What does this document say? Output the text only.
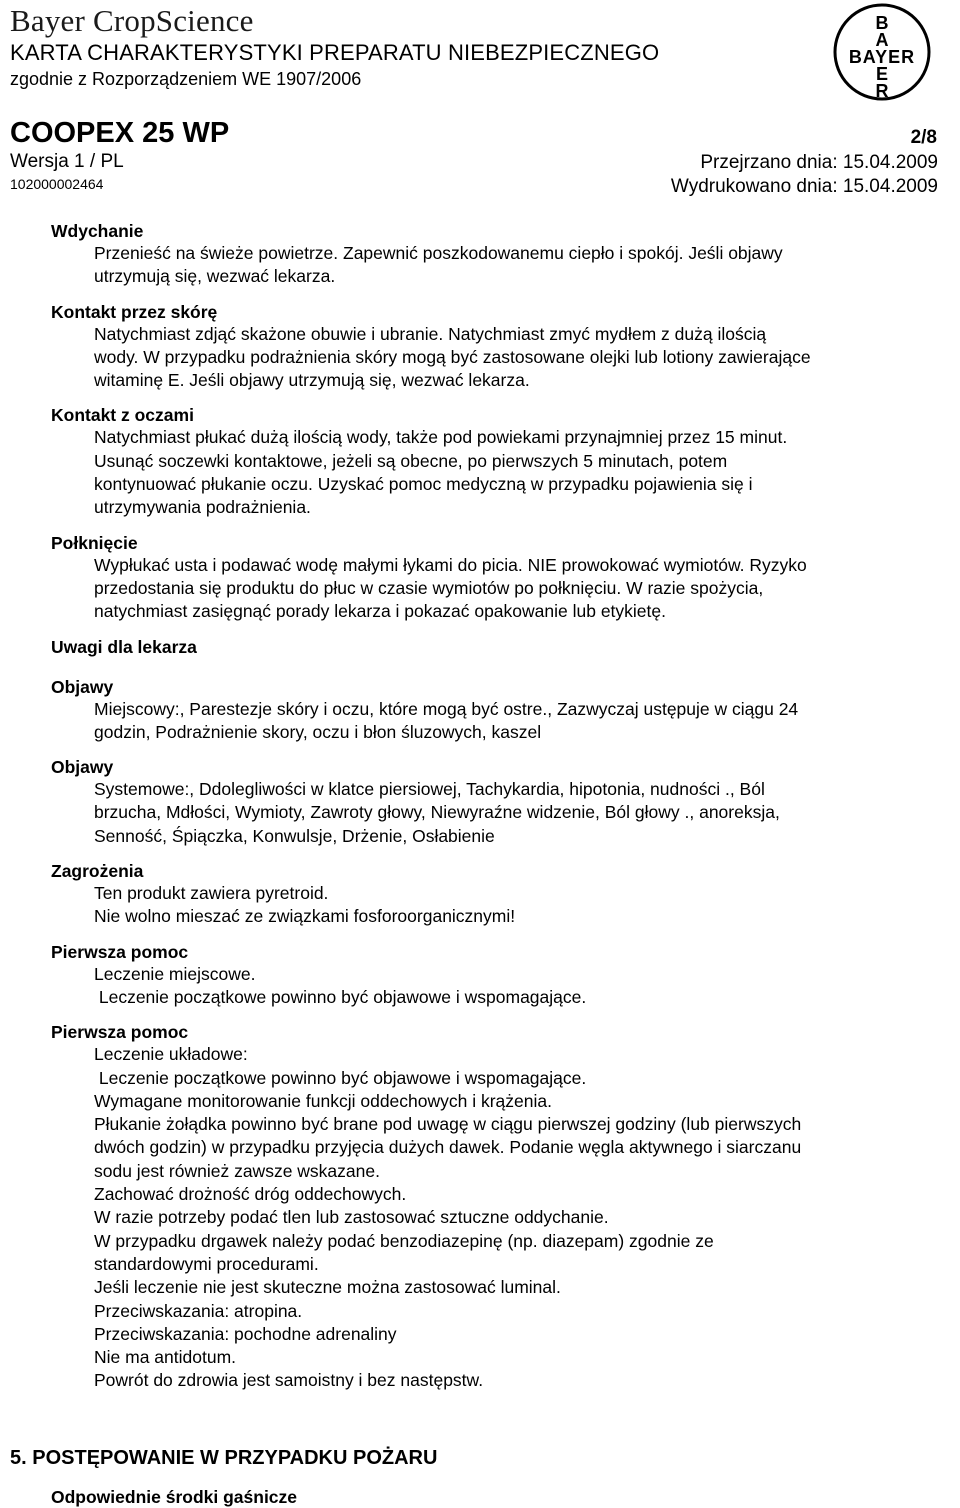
Bayer CropScience
KARTA CHARAKTERYSTYKI PREPARATU NIEBEZPIECZNEGO
zgodnie z Rozporządzeniem WE 1907/2006
COOPEX 25 WP	2/8
Wersja 1 / PL
102000002464
Przejrzano dnia: 15.04.2009
Wydrukowano dnia: 15.04.2009
B
A
BAYER
E
R
Wdychanie
Przenieść na świeże powietrze. Zapewnić poszkodowanemu ciepło i spokój. Jeśli objawy
utrzymują się, wezwać lekarza.
Kontakt przez skórę
Natychmiast zdjąć skażone obuwie i ubranie. Natychmiast zmyć mydłem z dużą ilością
wody. W przypadku podrażnienia skóry mogą być zastosowane olejki lub lotiony zawierające
witaminę E. Jeśli objawy utrzymują się, wezwać lekarza.
Kontakt z oczami
Natychmiast płukać dużą ilością wody, także pod powiekami przynajmniej przez 15 minut.
Usunąć soczewki kontaktowe, jeżeli są obecne, po pierwszych 5 minutach, potem
kontynuować płukanie oczu. Uzyskać pomoc medyczną w przypadku pojawienia się i
utrzymywania podrażnienia.
Połknięcie
Wypłukać usta i podawać wodę małymi łykami do picia. NIE prowokować wymiotów. Ryzyko
przedostania się produktu do płuc w czasie wymiotów po połknięciu. W razie spożycia,
natychmiast zasięgnąć porady lekarza i pokazać opakowanie lub etykietę.
Uwagi dla lekarza
Objawy
Miejscowy:, Parestezje skóry i oczu, które mogą być ostre., Zazwyczaj ustępuje w ciągu 24
godzin, Podrażnienie skory, oczu i błon śluzowych, kaszel
Objawy
Systemowe:, Ddolegliwości w klatce piersiowej, Tachykardia, hipotonia, nudności ., Ból
brzucha, Mdłości, Wymioty, Zawroty głowy, Niewyraźne widzenie, Ból głowy ., anoreksja,
Senność, Śpiączka, Konwulsje, Drżenie, Osłabienie
Zagrożenia
Ten produkt zawiera pyretroid.
Nie wolno mieszać ze związkami fosforoorganicznymi!
Pierwsza pomoc
Leczenie miejscowe.
Leczenie początkowe powinno być objawowe i wspomagające.
Pierwsza pomoc
Leczenie układowe:
Leczenie początkowe powinno być objawowe i wspomagające.
Wymagane monitorowanie funkcji oddechowych i krążenia.
Płukanie żołądka powinno być brane pod uwagę w ciągu pierwszej godziny (lub pierwszych
dwóch godzin) w przypadku przyjęcia dużych dawek. Podanie węgla aktywnego i siarczanu
sodu jest również zawsze wskazane.
Zachować drożność dróg oddechowych.
W razie potrzeby podać tlen lub zastosować sztuczne oddychanie.
W przypadku drgawek należy podać benzodiazepinę (np. diazepam) zgodnie ze
standardowymi procedurami.
Jeśli leczenie nie jest skuteczne można zastosować luminal.
Przeciwskazania: atropina.
Przeciwskazania: pochodne adrenaliny
Nie ma antidotum.
Powrót do zdrowia jest samoistny i bez następstw.
5. POSTĘPOWANIE W PRZYPADKU POŻARU
Odpowiednie środki gaśnicze
